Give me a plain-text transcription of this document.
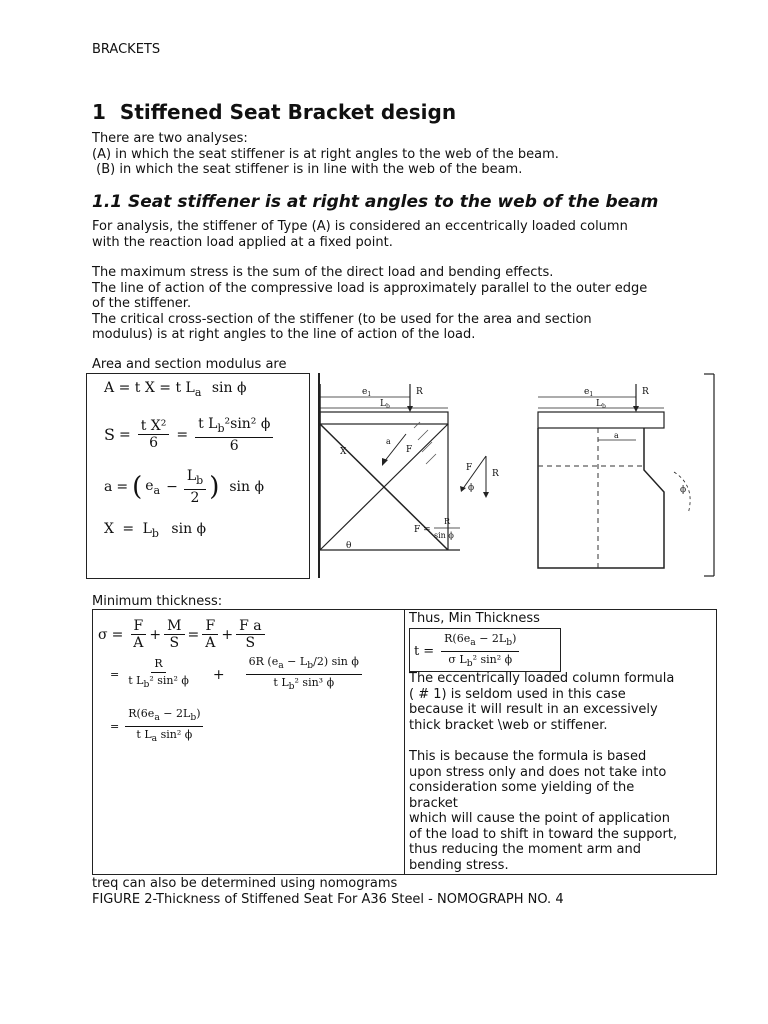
BRACKETS
1 Stiffened Seat Bracket design
There are two analyses:
(A) in which the seat stiffener is at right angles to the web of the beam.
(B) in which the seat stiffener is in line with the web of the beam.
1.1 Seat stiffener is at right angles to the web of the beam
For analysis, the stiffener of Type (A) is considered an eccentrically loaded column
with the reaction load applied at a fixed point.
The maximum stress is the sum of the direct load and bending effects.
The line of action of the compressive load is approximately parallel to the outer edge
of the stiffener.
The critical cross-section of the stiffener (to be used for the area and section
modulus) is at right angles to the line of action of the load.
Area and section modulus are
A = t X = t $L_a$ sin ϕ
$S = \frac{\text{t X²}}{6} = \frac{t L_b^2\sin^2 \phi}{6}$
a = ( $e_a - \frac{L_b}{2}$ ) sin ϕ
$X = L_b$ sin ϕ
$e_1$
$L_b$
R
X	F
a
θ
F
R
ϕ
F =
R
sin ϕ
$e_1$
$L_b$
R
a
ϕ
Minimum thickness:
$\sigma = \frac{F}{A} + \frac{M}{S} = \frac{F}{A} + \frac{\text{F a}}{S}$
= $\frac{R}{t L_b^2 \sin^2 \phi} + \frac{6R (e_a - L_b/2) \sin \phi}{t L_b^2 \sin^3 \phi}$
= $\frac{R(6e_a - 2L_b)}{t L_a \sin^2 \phi}$
Thus, Min Thickness
$t = \frac{R(6e_a - 2L_b)}{\sigma L_b^2 \sin^2 \phi}$
The eccentrically loaded column formula
( # 1) is seldom used in this case
because it will result in an excessively
thick bracket \web or stiffener.
This is because the formula is based
upon stress only and does not take into
consideration some yielding of the
bracket
which will cause the point of application
of the load to shift in toward the support,
thus reducing the moment arm and
bending stress.
treq can also be determined using nomograms
FIGURE 2-Thickness of Stiffened Seat For A36 Steel - NOMOGRAPH NO. 4
